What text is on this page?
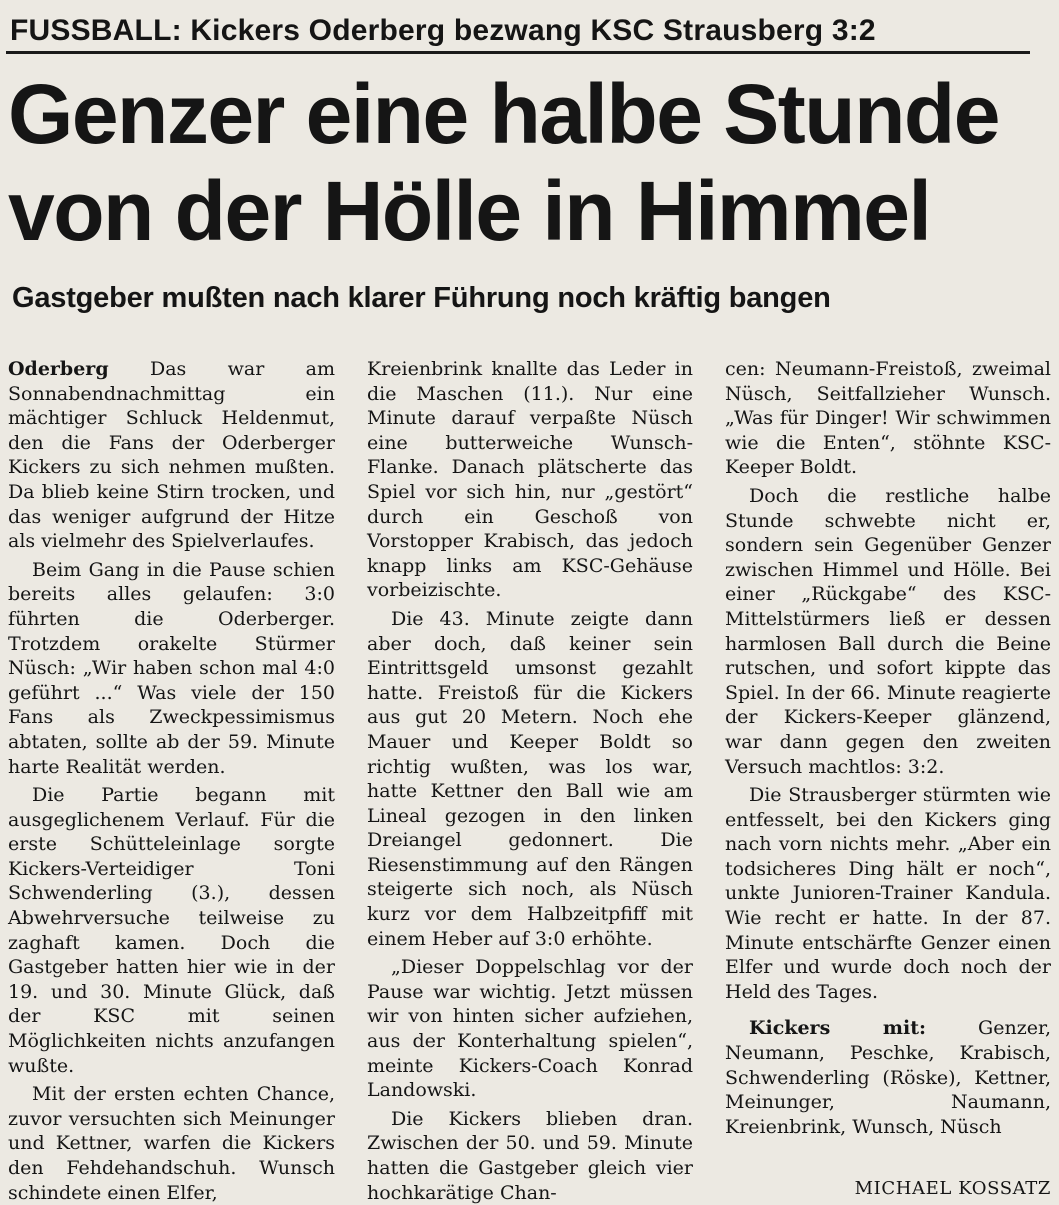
FUSSBALL: Kickers Oderberg bezwang KSC Strausberg 3:2
Genzer eine halbe Stunde
von der Hölle in Himmel
Gastgeber mußten nach klarer Führung noch kräftig bangen

Oderberg Das war am Sonnabendnachmittag ein mächtiger Schluck Heldenmut, den die Fans der Oderberger Kickers zu sich nehmen mußten. Da blieb keine Stirn trocken, und das weniger aufgrund der Hitze als vielmehr des Spielverlaufes.

Beim Gang in die Pause schien bereits alles gelaufen: 3:0 führten die Oderberger. Trotzdem orakelte Stürmer Nüsch: „Wir haben schon mal 4:0 geführt ...“ Was viele der 150 Fans als Zweckpessimismus abtaten, sollte ab der 59. Minute harte Realität werden.

Die Partie begann mit ausgeglichenem Verlauf. Für die erste Schütteleinlage sorgte Kickers-Verteidiger Toni Schwenderling (3.), dessen Abwehrversuche teilweise zu zaghaft kamen. Doch die Gastgeber hatten hier wie in der 19. und 30. Minute Glück, daß der KSC mit seinen Möglichkeiten nichts anzufangen wußte.

Mit der ersten echten Chance, zuvor versuchten sich Meinunger und Kettner, warfen die Kickers den Fehdehandschuh. Wunsch schindete einen Elfer,

Kreienbrink knallte das Leder in die Maschen (11.). Nur eine Minute darauf verpaßte Nüsch eine butterweiche Wunsch-Flanke. Danach plätscherte das Spiel vor sich hin, nur „gestört“ durch ein Geschoß von Vorstopper Krabisch, das jedoch knapp links am KSC-Gehäuse vorbeizischte.

Die 43. Minute zeigte dann aber doch, daß keiner sein Eintrittsgeld umsonst gezahlt hatte. Freistoß für die Kickers aus gut 20 Metern. Noch ehe Mauer und Keeper Boldt so richtig wußten, was los war, hatte Kettner den Ball wie am Lineal gezogen in den linken Dreiangel gedonnert. Die Riesenstimmung auf den Rängen steigerte sich noch, als Nüsch kurz vor dem Halbzeitpfiff mit einem Heber auf 3:0 erhöhte.

„Dieser Doppelschlag vor der Pause war wichtig. Jetzt müssen wir von hinten sicher aufziehen, aus der Konterhaltung spielen“, meinte Kickers-Coach Konrad Landowski.

Die Kickers blieben dran. Zwischen der 50. und 59. Minute hatten die Gastgeber gleich vier hochkarätige Chan-

cen: Neumann-Freistoß, zweimal Nüsch, Seitfallzieher Wunsch. „Was für Dinger! Wir schwimmen wie die Enten“, stöhnte KSC-Keeper Boldt.

Doch die restliche halbe Stunde schwebte nicht er, sondern sein Gegenüber Genzer zwischen Himmel und Hölle. Bei einer „Rückgabe“ des KSC-Mittelstürmers ließ er dessen harmlosen Ball durch die Beine rutschen, und sofort kippte das Spiel. In der 66. Minute reagierte der Kickers-Keeper glänzend, war dann gegen den zweiten Versuch machtlos: 3:2.

Die Strausberger stürmten wie entfesselt, bei den Kickers ging nach vorn nichts mehr. „Aber ein todsicheres Ding hält er noch“, unkte Junioren-Trainer Kandula. Wie recht er hatte. In der 87. Minute entschärfte Genzer einen Elfer und wurde doch noch der Held des Tages.

Kickers mit:	Genzer, Neumann, Peschke, Krabisch, Schwenderling (Röske), Kettner, Meinunger, Naumann, Kreienbrink, Wunsch, Nüsch

MICHAEL KOSSATZ
